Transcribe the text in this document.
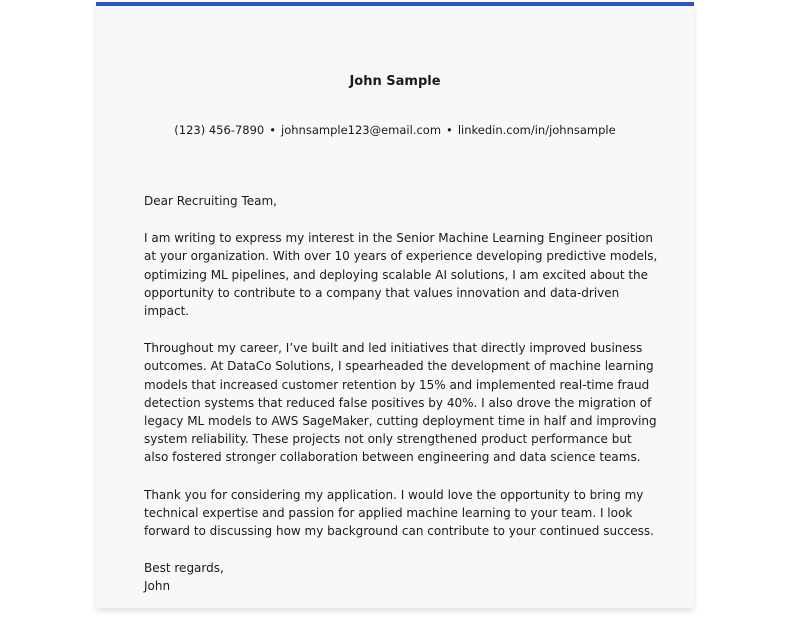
John Sample
(123) 456-7890 • johnsample123@email.com • linkedin.com/in/johnsample

Dear Recruiting Team,

I am writing to express my interest in the Senior Machine Learning Engineer position at your organization. With over 10 years of experience developing predictive models, optimizing ML pipelines, and deploying scalable AI solutions, I am excited about the opportunity to contribute to a company that values innovation and data-driven impact.

Throughout my career, I’ve built and led initiatives that directly improved business outcomes. At DataCo Solutions, I spearheaded the development of machine learning models that increased customer retention by 15% and implemented real-time fraud detection systems that reduced false positives by 40%. I also drove the migration of legacy ML models to AWS SageMaker, cutting deployment time in half and improving system reliability. These projects not only strengthened product performance but also fostered stronger collaboration between engineering and data science teams.

Thank you for considering my application. I would love the opportunity to bring my technical expertise and passion for applied machine learning to your team. I look forward to discussing how my background can contribute to your continued success.

Best regards,
John
